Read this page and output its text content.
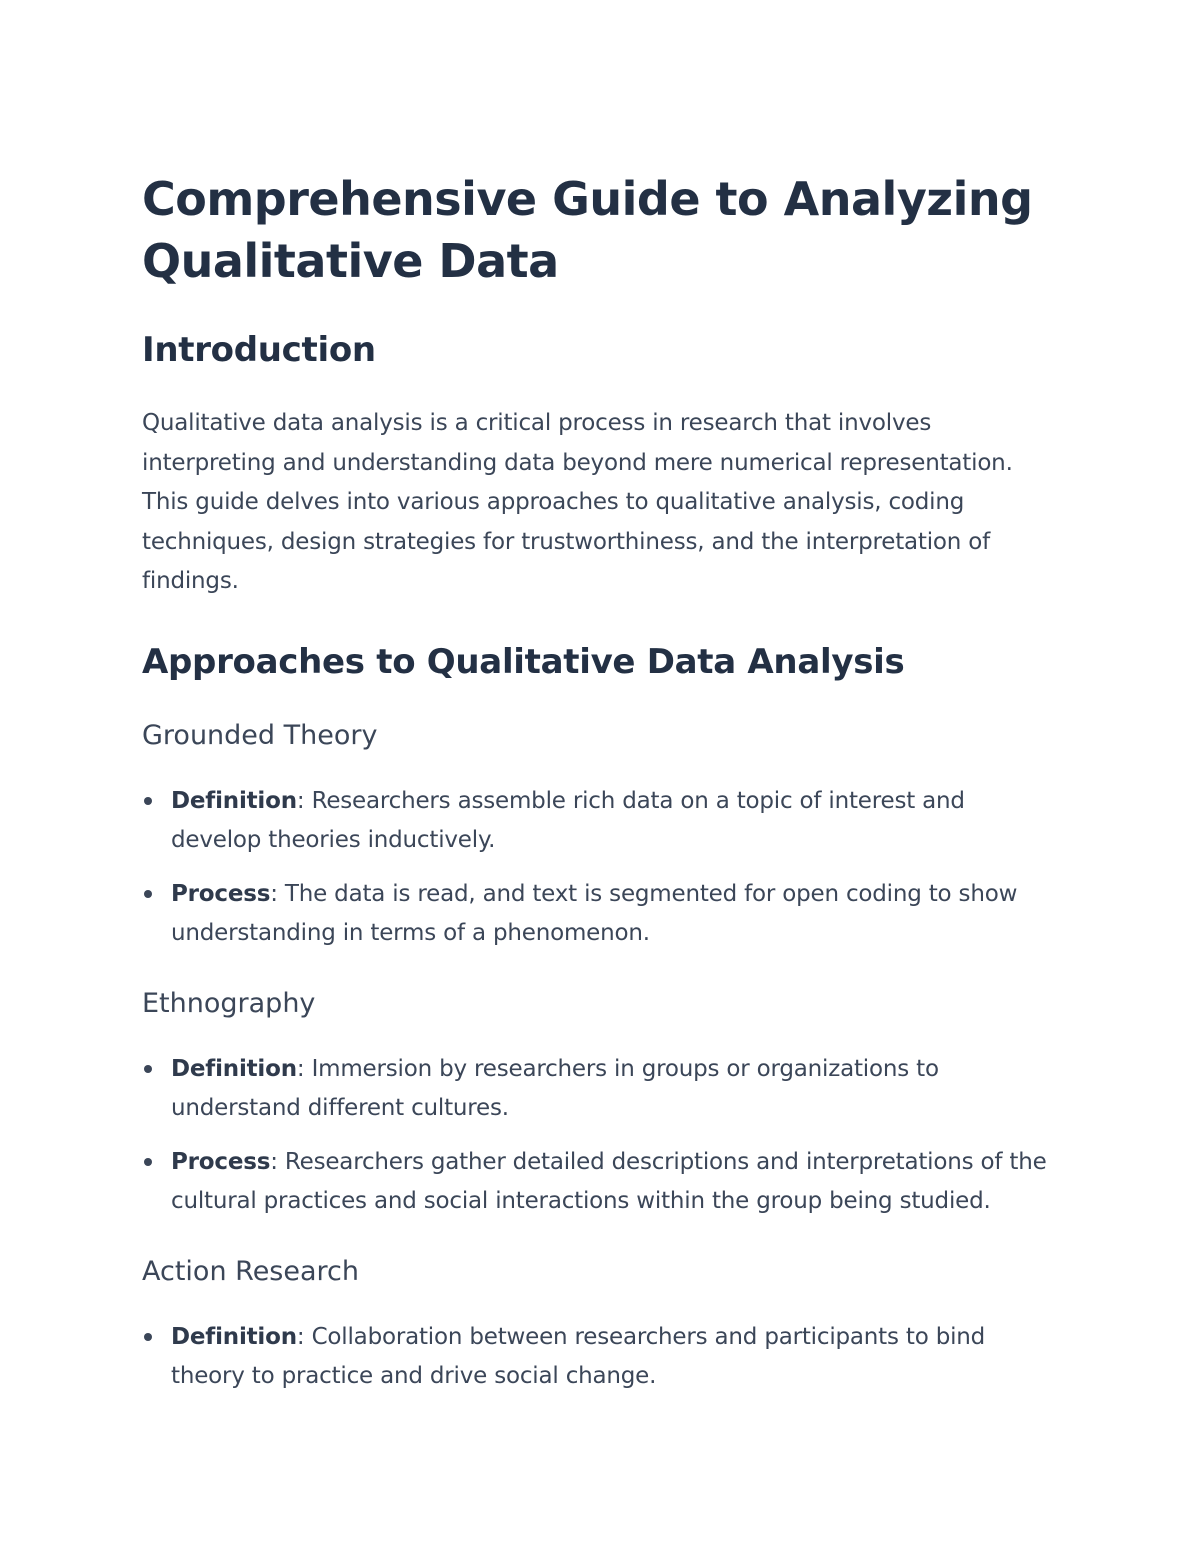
Comprehensive Guide to Analyzing Qualitative Data
Introduction

Qualitative data analysis is a critical process in research that involves interpreting and understanding data beyond mere numerical representation. This guide delves into various approaches to qualitative analysis, coding techniques, design strategies for trustworthiness, and the interpretation of findings.

Approaches to Qualitative Data Analysis
Grounded Theory
Definition: Researchers assemble rich data on a topic of interest and develop theories inductively.
Process: The data is read, and text is segmented for open coding to show understanding in terms of a phenomenon.
Ethnography
Definition: Immersion by researchers in groups or organizations to understand different cultures.
Process: Researchers gather detailed descriptions and interpretations of the cultural practices and social interactions within the group being studied.
Action Research
Definition: Collaboration between researchers and participants to bind theory to practice and drive social change.
